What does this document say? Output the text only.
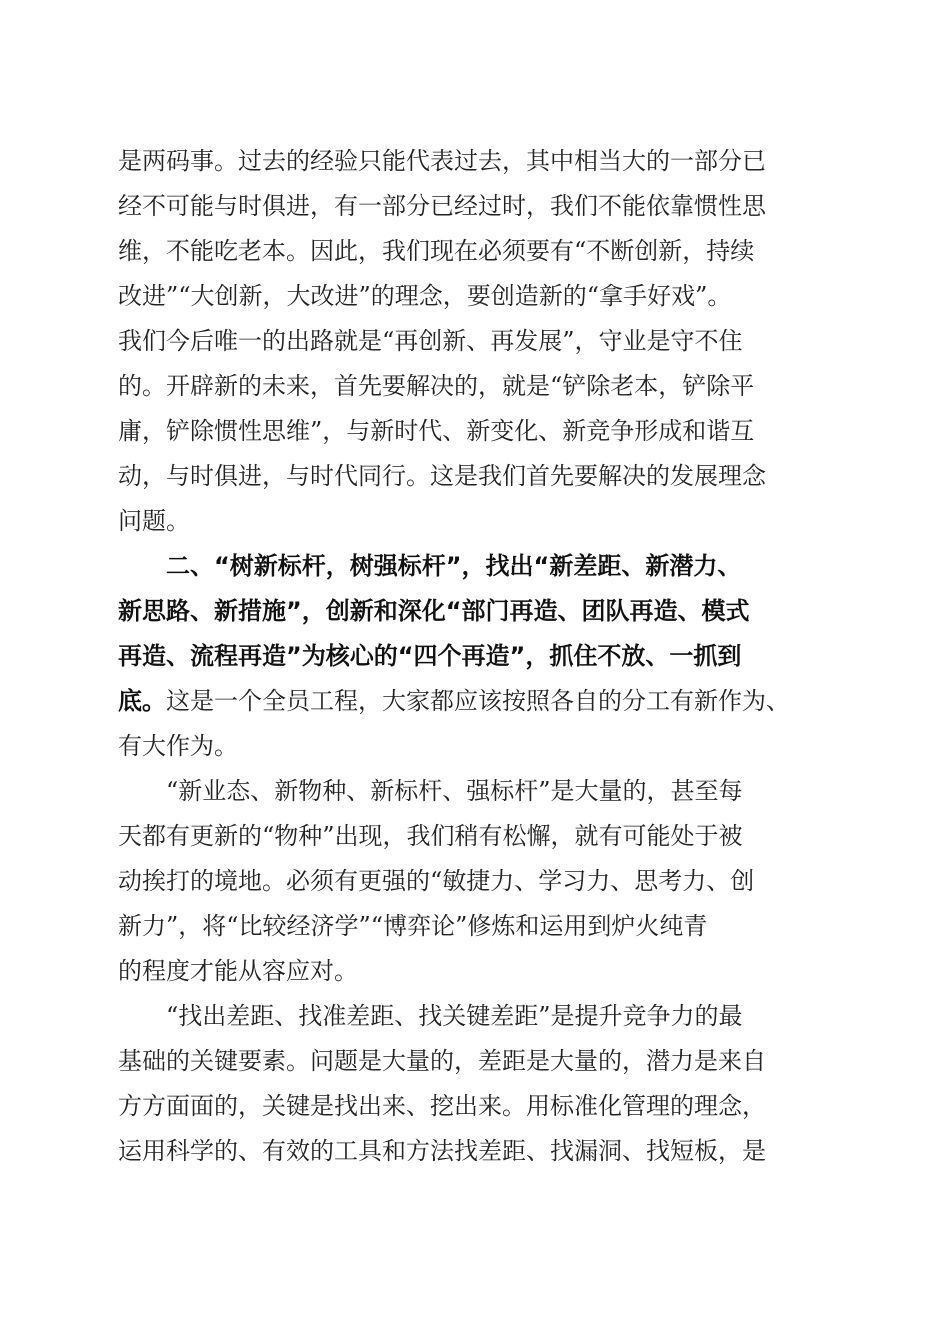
是两码事。过去的经验只能代表过去，其中相当大的一部分已
经不可能与时俱进，有一部分已经过时，我们不能依靠惯性思
维，不能吃老本。因此，我们现在必须要有“不断创新，持续
改进”“大创新，大改进”的理念，要创造新的“拿手好戏”。
我们今后唯一的出路就是“再创新、再发展”，守业是守不住
的。开辟新的未来，首先要解决的，就是“铲除老本，铲除平
庸，铲除惯性思维”，与新时代、新变化、新竞争形成和谐互
动，与时俱进，与时代同行。这是我们首先要解决的发展理念
问题。
二、“树新标杆，树强标杆”，找出“新差距、新潜力、
新思路、新措施”，创新和深化“部门再造、团队再造、模式
再造、流程再造”为核心的“四个再造”，抓住不放、一抓到
底。这是一个全员工程，大家都应该按照各自的分工有新作为、
有大作为。
“新业态、新物种、新标杆、强标杆”是大量的，甚至每
天都有更新的“物种”出现，我们稍有松懈，就有可能处于被
动挨打的境地。必须有更强的“敏捷力、学习力、思考力、创
新力”，将“比较经济学”“博弈论”修炼和运用到炉火纯青
的程度才能从容应对。
“找出差距、找准差距、找关键差距”是提升竞争力的最
基础的关键要素。问题是大量的，差距是大量的，潜力是来自
方方面面的，关键是找出来、挖出来。用标准化管理的理念，
运用科学的、有效的工具和方法找差距、找漏洞、找短板，是
